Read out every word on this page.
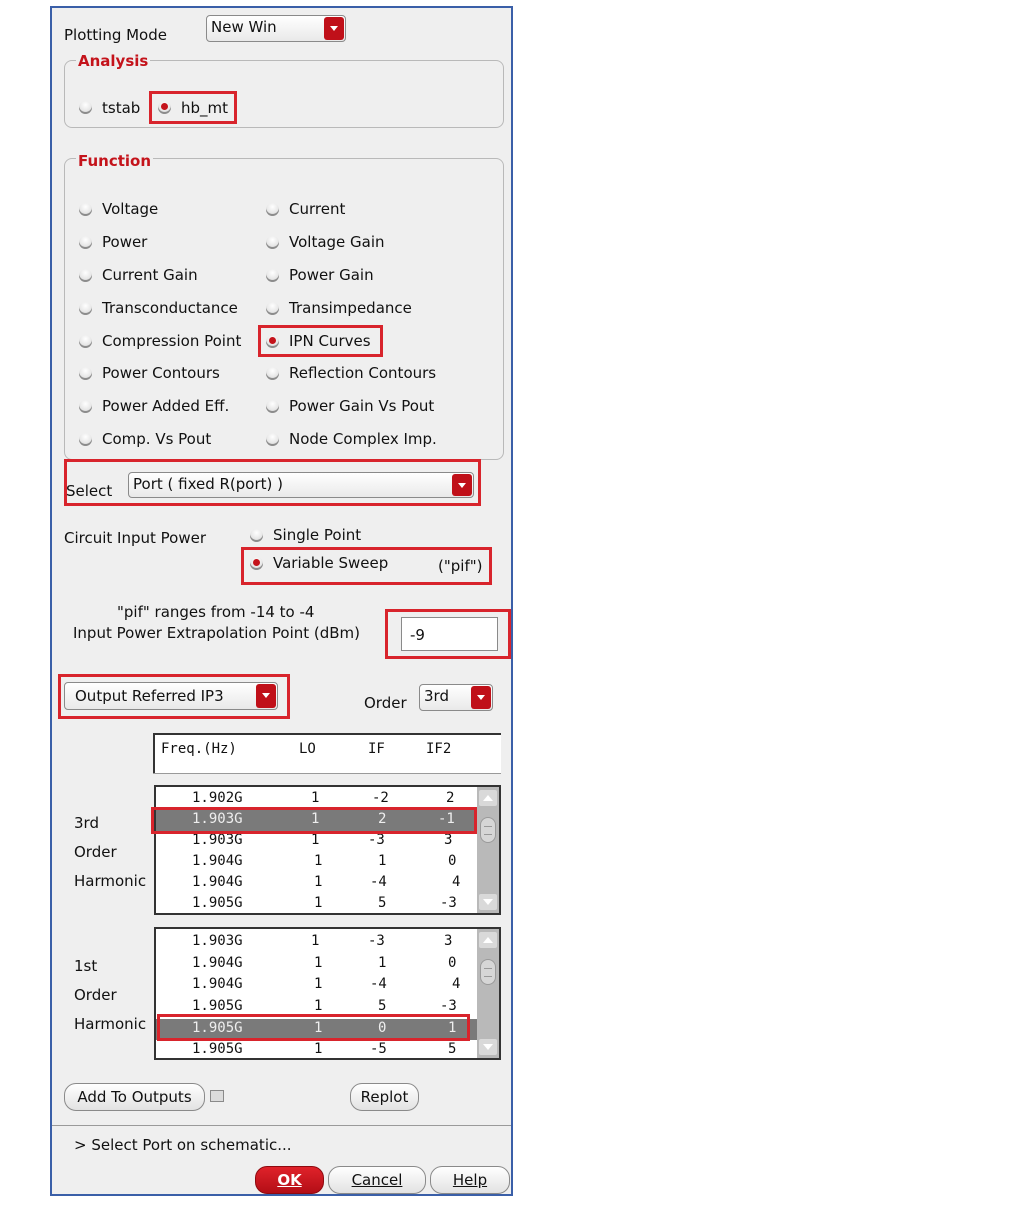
Plotting Mode	New Win
Analysis
tstab	hb_mt
Function
Voltage	Current
Power	Voltage Gain
Current Gain	Power Gain
Transconductance	Transimpedance
Compression Point	IPN Curves
Power Contours	Reflection Contours
Power Added Eff.	Power Gain Vs Pout
Comp. Vs Pout	Node Complex Imp.
Select Port ( fixed R(port) )
Circuit Input Power	Single Point
Variable Sweep	("pif")
"pif" ranges from -14 to -4
Input Power Extrapolation Point (dBm)	-9
Output Referred IP3	Order 3rd
Freq.(Hz)	LO	IF	IF2
3rd
Order
Harmonic
1.902G	1	-2	2
1.903G	1	2	-1
1.903G	1	-3	3
1.904G	1	1	0
1.904G	1	-4	4
1.905G	1	5	-3
1st
Order
Harmonic
1.903G	1	-3	3
1.904G	1	1	0
1.904G	1	-4	4
1.905G	1	5	-3
1.905G	1	0	1
1.905G	1	-5	5
Add To Outputs	Replot
> Select Port on schematic...
OK	Cancel	Help
